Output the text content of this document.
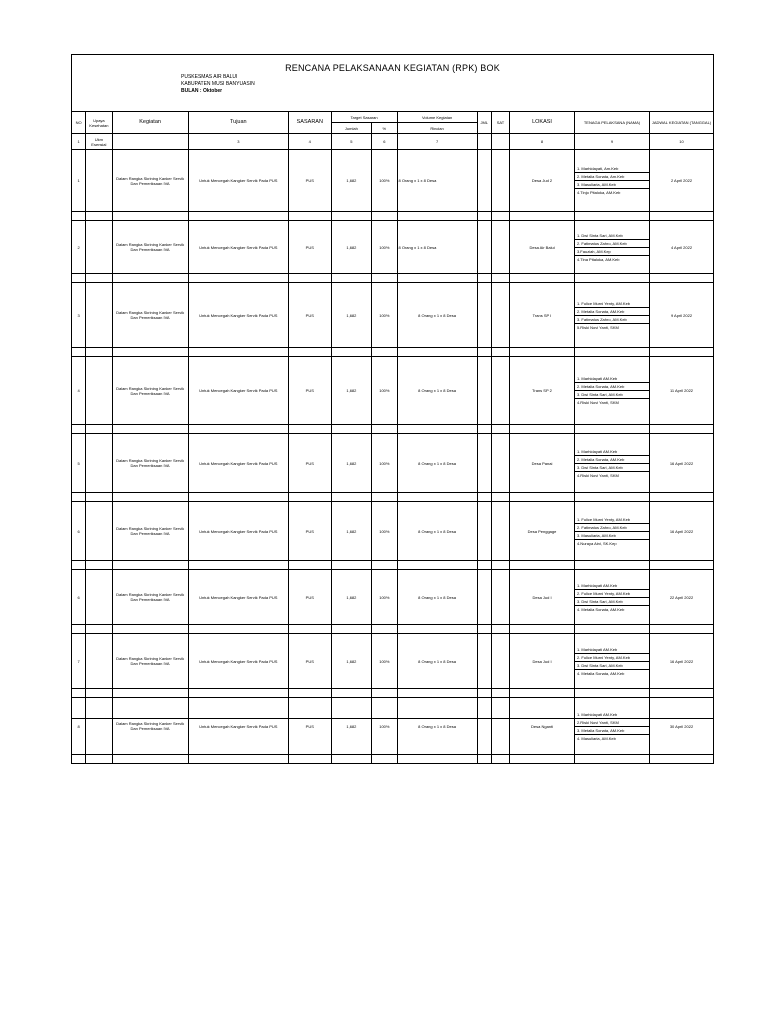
RENCANA PELAKSANAAN KEGIATAN (RPK) BOK
PUSKESMAS AIR BALUI
KABUPATEN MUSI BANYUASIN
BULAN : Oktober
NO	Upaya Kesehatan	Kegiatan	Tujuan	SASARAN	Target Sasaran		Volume Kegiatan	JML	SAT	LOKASI	TENAGA PELAKSANA (NAMA)	JADWAL KEGIATAN (TANGGAL)
					Jumlah	%	Rincian					
1	Ukm Esensial		3	4	5	6	7			8	9	10
1		Dalam Rangka Skrining Kanker Servik Dan Pemeriksaan IVA	Untuk Mencegah Kangker Servik Pada PUS	PUS	1,682	100%	8 Orang x 1 x 8 Desa			Desa Jud 2	1. Marhidayati, Am.Keb
2. Metalia Sonata, Am.Keb
3. Masuliaria, AM.Keb
4.Tinjo Pitaloka, AM.Keb	2 April 2022

2		Dalam Rangka Skrining Kanker Servik Dan Pemeriksaan IVA	Untuk Mencegah Kangker Servik Pada PUS	PUS	1,682	100%	8 Orang x 1 x 8 Desa			Desa Air Balui	1. Dwi Sinta Sari, AM.Keb
2. Fatimatus Zahro, AM.Keb
3.Fauziah, AM.Kep
4.Tina Pitaloka, AM.Keb	4 April 2022

3		Dalam Rangka Skrining Kanker Servik Dan Pemeriksaan IVA	Untuk Mencegah Kangker Servik Pada PUS	PUS	1,682	100%	8 Orang x 1 x 8 Desa			Trans SP I	1. Fulice Murni Yenty, AM.Keb
2. Metalia Sonata, AM.Keb
3. Fatimatus Zahro, AM.Keb
5.Riski Novi Yanti, SKM	9 April 2022

4		Dalam Rangka Skrining Kanker Servik Dan Pemeriksaan IVA	Untuk Mencegah Kangker Servik Pada PUS	PUS	1,682	100%	8 Orang x 1 x 8 Desa			Trans SP 2	1. Marhidayati AM.Keb
2. Metalia Sonata, AM.Keb
3. Dwi Sinta Sari, AM.Keb
4.Riski Novi Yanti, SKM	11 April 2022

5		Dalam Rangka Skrining Kanker Servik Dan Pemeriksaan IVA	Untuk Mencegah Kangker Servik Pada PUS	PUS	1,682	100%	8 Orang x 1 x 8 Desa			Desa Panai	1. Marhidayati AM.Keb
2. Metalia Sonata, AM.Keb
3. Dwi Sinta Sari, AM.Keb
4.Riski Novi Yanti, SKM	16 April 2022

6		Dalam Rangka Skrining Kanker Servik Dan Pemeriksaan IVA	Untuk Mencegah Kangker Servik Pada PUS	PUS	1,682	100%	8 Orang x 1 x 8 Desa			Desa Penggage	1. Fulice Murni Yenty, AM.Keb
2. Fatimatus Zahro, AM.Keb
3. Masuliaria, AM.Keb
4.Nuraya Aini, SK.Kep	16 April 2022

6		Dalam Rangka Skrining Kanker Servik Dan Pemeriksaan IVA	Untuk Mencegah Kangker Servik Pada PUS	PUS	1,682	100%	8 Orang x 1 x 8 Desa			Desa Jud I	1. Marhidayati AM.Keb
2. Fulice Murni Yenty, AM.Keb
3. Dwi Sinta Sari, AM.Keb
4. Metalia Sonata, AM.Keb	22 April 2022

7		Dalam Rangka Skrining Kanker Servik Dan Pemeriksaan IVA	Untuk Mencegah Kangker Servik Pada PUS	PUS	1,682	100%	8 Orang x 1 x 8 Desa			Desa Jud I	1. Marhidayati AM.Keb
2. Fulice Murni Yenty, AM.Keb
3. Dwi Sinta Sari, AM.Keb
4. Metalia Sonata, AM.Keb	16 April 2022

8		Dalam Rangka Skrining Kanker Servik Dan Pemeriksaan IVA	Untuk Mencegah Kangker Servik Pada PUS	PUS	1,682	100%	8 Orang x 1 x 8 Desa			Desa Nganti	1. Marhidayati AM.Keb
2.Riski Novi Yanti, SKM
3. Metalia Sonata, AM.Keb
4. Masuliaria, AM.Keb	30 April 2022
